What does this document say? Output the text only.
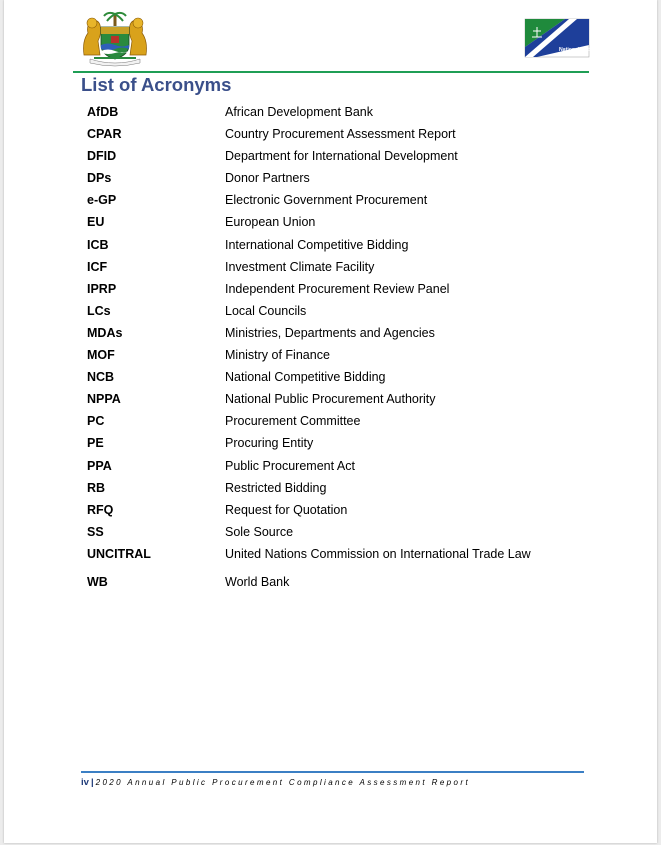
National Public
List of Acronyms
AfDB	African Development Bank
CPAR	Country Procurement Assessment Report
DFID	Department for International Development
DPs	Donor Partners
e-GP	Electronic Government Procurement
EU	European Union
ICB	International Competitive Bidding
ICF	Investment Climate Facility
IPRP	Independent Procurement Review Panel
LCs	Local Councils
MDAs	Ministries, Departments and Agencies
MOF	Ministry of Finance
NCB	National Competitive Bidding
NPPA	National Public Procurement Authority
PC	Procurement Committee
PE	Procuring Entity
PPA	Public Procurement Act
RB	Restricted Bidding
RFQ	Request for Quotation
SS	Sole Source
UNCITRAL	United Nations Commission on International Trade Law
WB	World Bank
iv | 2020 Annual Public Procurement Compliance Assessment Report
